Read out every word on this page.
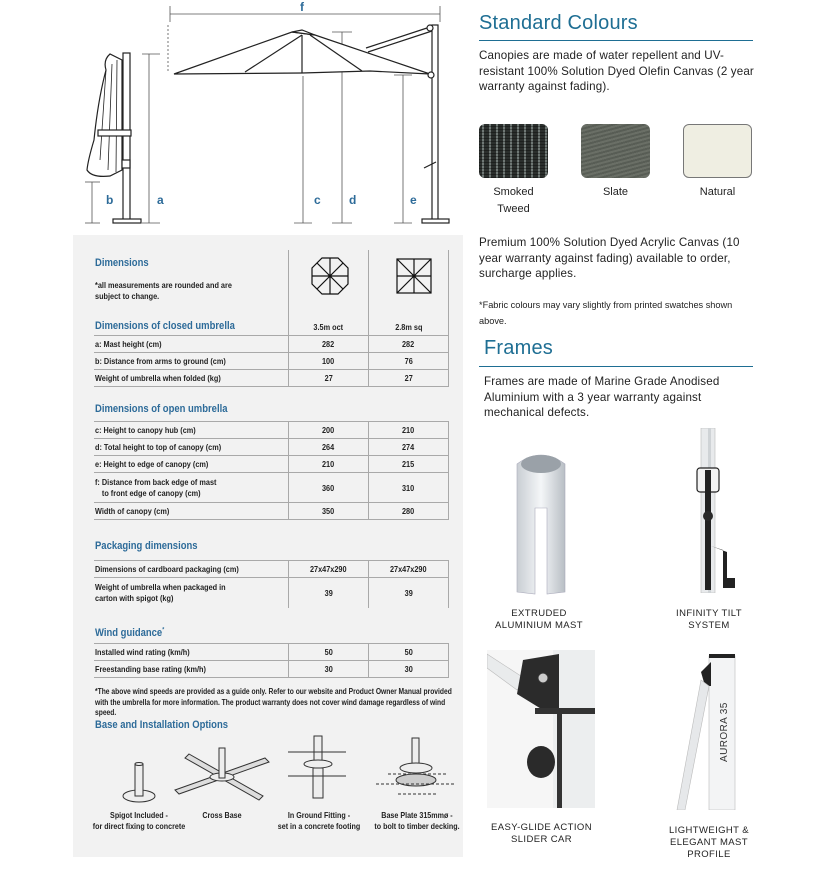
b	a
f
c d	e
Dimensions
*all measurements are rounded and are subject to change.
3.5m oct	2.8m sq
Dimensions of closed umbrella
a: Mast height (cm)	282	282
b: Distance from arms to ground (cm)	100	76
Weight of umbrella when folded (kg)	27	27
Dimensions of open umbrella
c: Height to canopy hub (cm)	200	210
d: Total height to top of canopy (cm)	264	274
e: Height to edge of canopy (cm)	210	215
f: Distance from back edge of mast
to front edge of canopy (cm)	360	310
Width of canopy (cm)	350	280
Packaging dimensions
Dimensions of cardboard packaging (cm)	27x47x290	27x47x290
Weight of umbrella when packaged in
carton with spigot (kg)	39	39
Wind guidance*
Installed wind rating (km/h)	50	50
Freestanding base rating (km/h)	30	30
*The above wind speeds are provided as a guide only. Refer to our website and Product Owner Manual provided with the umbrella for more information. The product warranty does not cover wind damage regardless of wind speed.
Base and Installation Options
Spigot Included -
for direct fixing to concrete
Cross Base	In Ground Fitting -
set in a concrete footing
Base Plate 315mmø -
to bolt to timber decking.
Standard Colours
Canopies are made of water repellent and UV-resistant 100% Solution Dyed Olefin Canvas (2 year warranty against fading).
Smoked
Tweed
Slate	Natural
Premium 100% Solution Dyed Acrylic Canvas (10 year warranty against fading) available to order, surcharge applies.
*Fabric colours may vary slightly from printed swatches shown above.
Frames
Frames are made of Marine Grade Anodised Aluminium with a 3 year warranty against mechanical defects.
EXTRUDED
ALUMINIUM MAST
INFINITY TILT
SYSTEM
EASY-GLIDE ACTION
SLIDER CAR
AURORA 35
LIGHTWEIGHT &
ELEGANT MAST
PROFILE
